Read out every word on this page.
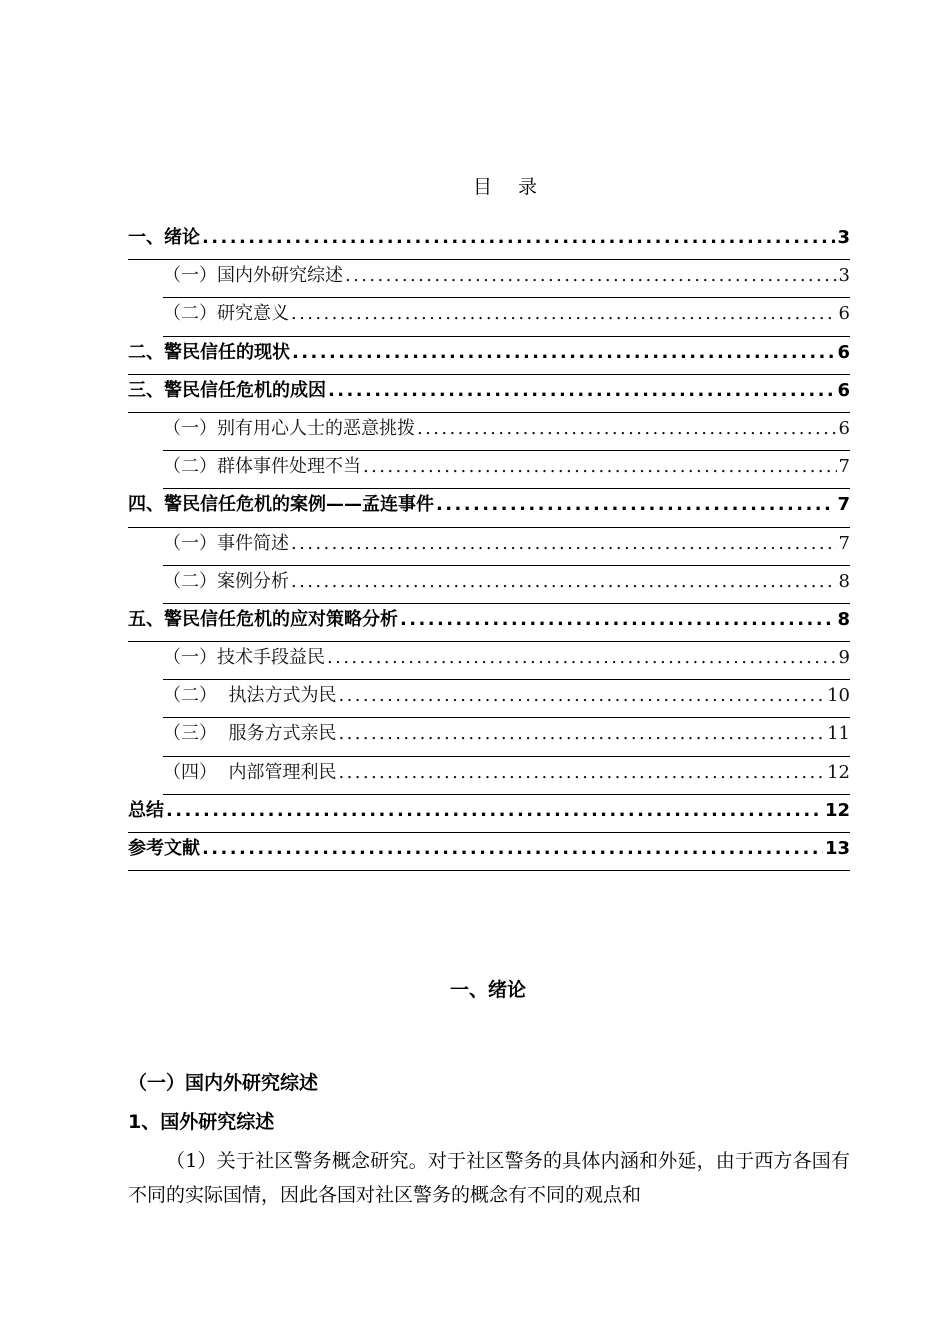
目 录
一、绪论 .....	3
（一）国内外研究综述 .....	3
（二）研究意义 .....	6
二、警民信任的现状 .....	6
三、警民信任危机的成因 .....	6
（一）别有用心人士的恶意挑拨 .....	6
（二）群体事件处理不当 .....	7
四、警民信任危机的案例——孟连事件 .....	7
（一）事件简述 .....	7
（二）案例分析 .....	8
五、警民信任危机的应对策略分析 .....	8
（一）技术手段益民 .....	9
（二）  执法方式为民 .....	10
（三）  服务方式亲民 .....	11
（四）  内部管理利民 .....	12
总结 .....	12
参考文献 .....	13
一、绪论
（一）国内外研究综述
1、国外研究综述
（1）关于社区警务概念研究。对于社区警务的具体内涵和外延，由于西方各国有不同的实际国情，因此各国对社区警务的概念有不同的观点和
